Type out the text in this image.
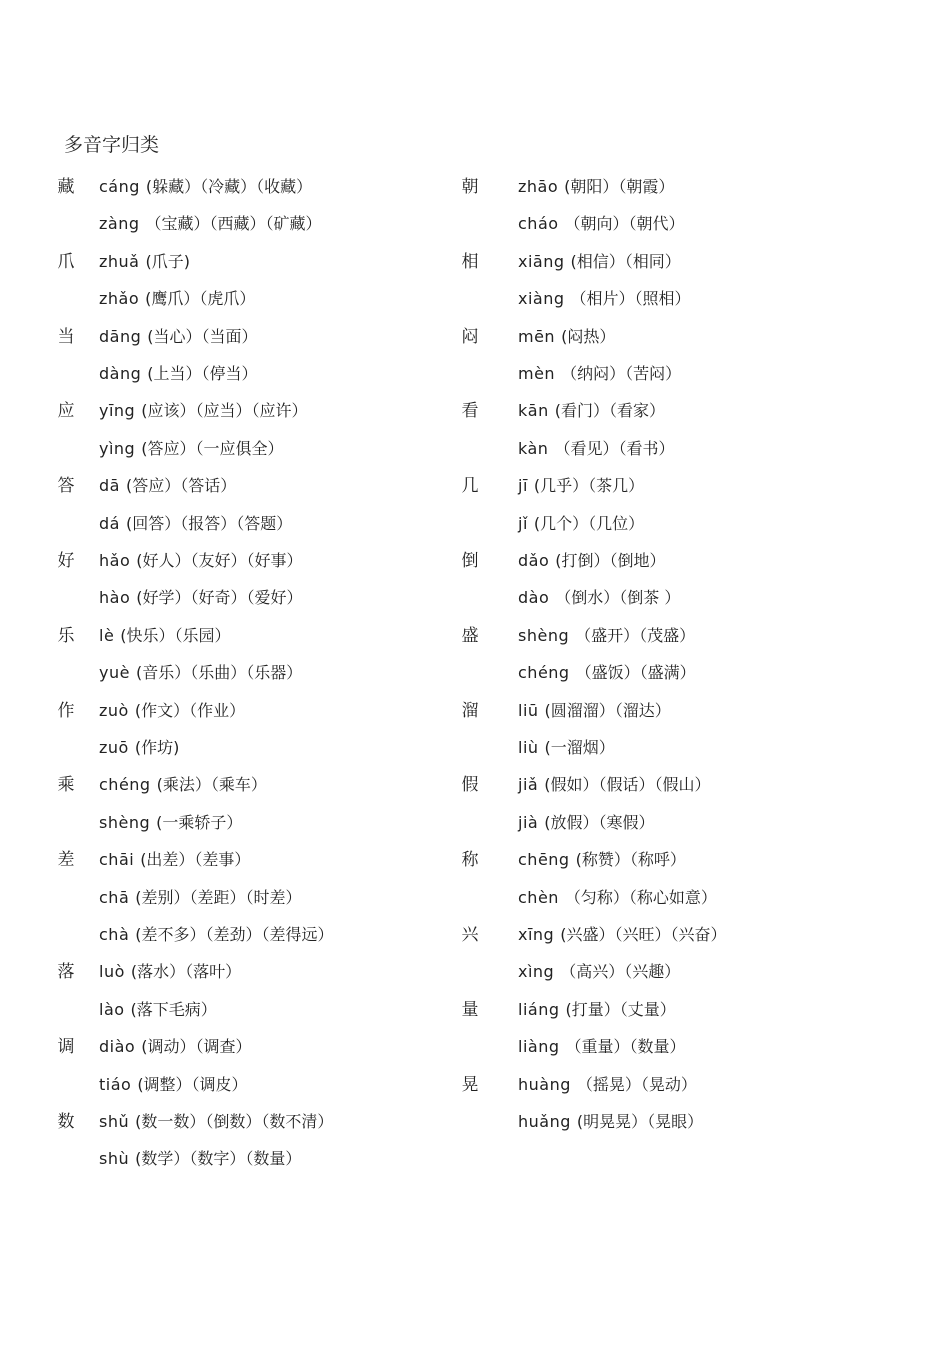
多音字归类
藏 cáng (躲藏）（冷藏）（收藏）
zàng （宝藏）（西藏）（矿藏）
爪 zhuǎ (爪子)
zhǎo (鹰爪）（虎爪）
当 dāng (当心）（当面）
dàng (上当）（停当）
应 yīng (应该）（应当）（应许）
yìng (答应）（一应俱全）
答 dā (答应）（答话）
dá (回答）（报答）（答题）
好 hǎo (好人）（友好）（好事）
hào (好学）（好奇）（爱好）
乐 lè (快乐）（乐园）
yuè (音乐）（乐曲）（乐器）
作 zuò (作文）（作业）
zuō (作坊)
乘 chéng (乘法）（乘车）
shèng (一乘轿子）
差 chāi (出差）（差事）
chā (差别）（差距）（时差）
chà (差不多）（差劲）（差得远）
落 luò (落水）（落叶）
lào (落下毛病）
调 diào (调动）（调查）
tiáo (调整）（调皮）
数 shǔ (数一数）（倒数）（数不清）
shù (数学）（数字）（数量）
朝 zhāo (朝阳）（朝霞）
cháo （朝向）（朝代）
相 xiāng (相信）（相同）
xiàng （相片）（照相）
闷 mēn (闷热）
mèn （纳闷）（苦闷）
看 kān (看门）（看家）
kàn （看见）（看书）
几 jī (几乎）（茶几）
jǐ (几个）（几位）
倒 dǎo (打倒）（倒地）
dào （倒水）（倒茶 ）
盛 shèng （盛开）（茂盛）
chéng （盛饭）（盛满）
溜 liū (圆溜溜）（溜达）
liù (一溜烟）
假 jiǎ (假如）（假话）（假山）
jià (放假）（寒假）
称 chēng (称赞）（称呼）
chèn （匀称）（称心如意）
兴 xīng (兴盛）（兴旺）（兴奋）
xìng （高兴）（兴趣）
量 liáng (打量）（丈量）
liàng （重量）（数量）
晃 huàng （摇晃）（晃动）
huǎng (明晃晃）（晃眼）
